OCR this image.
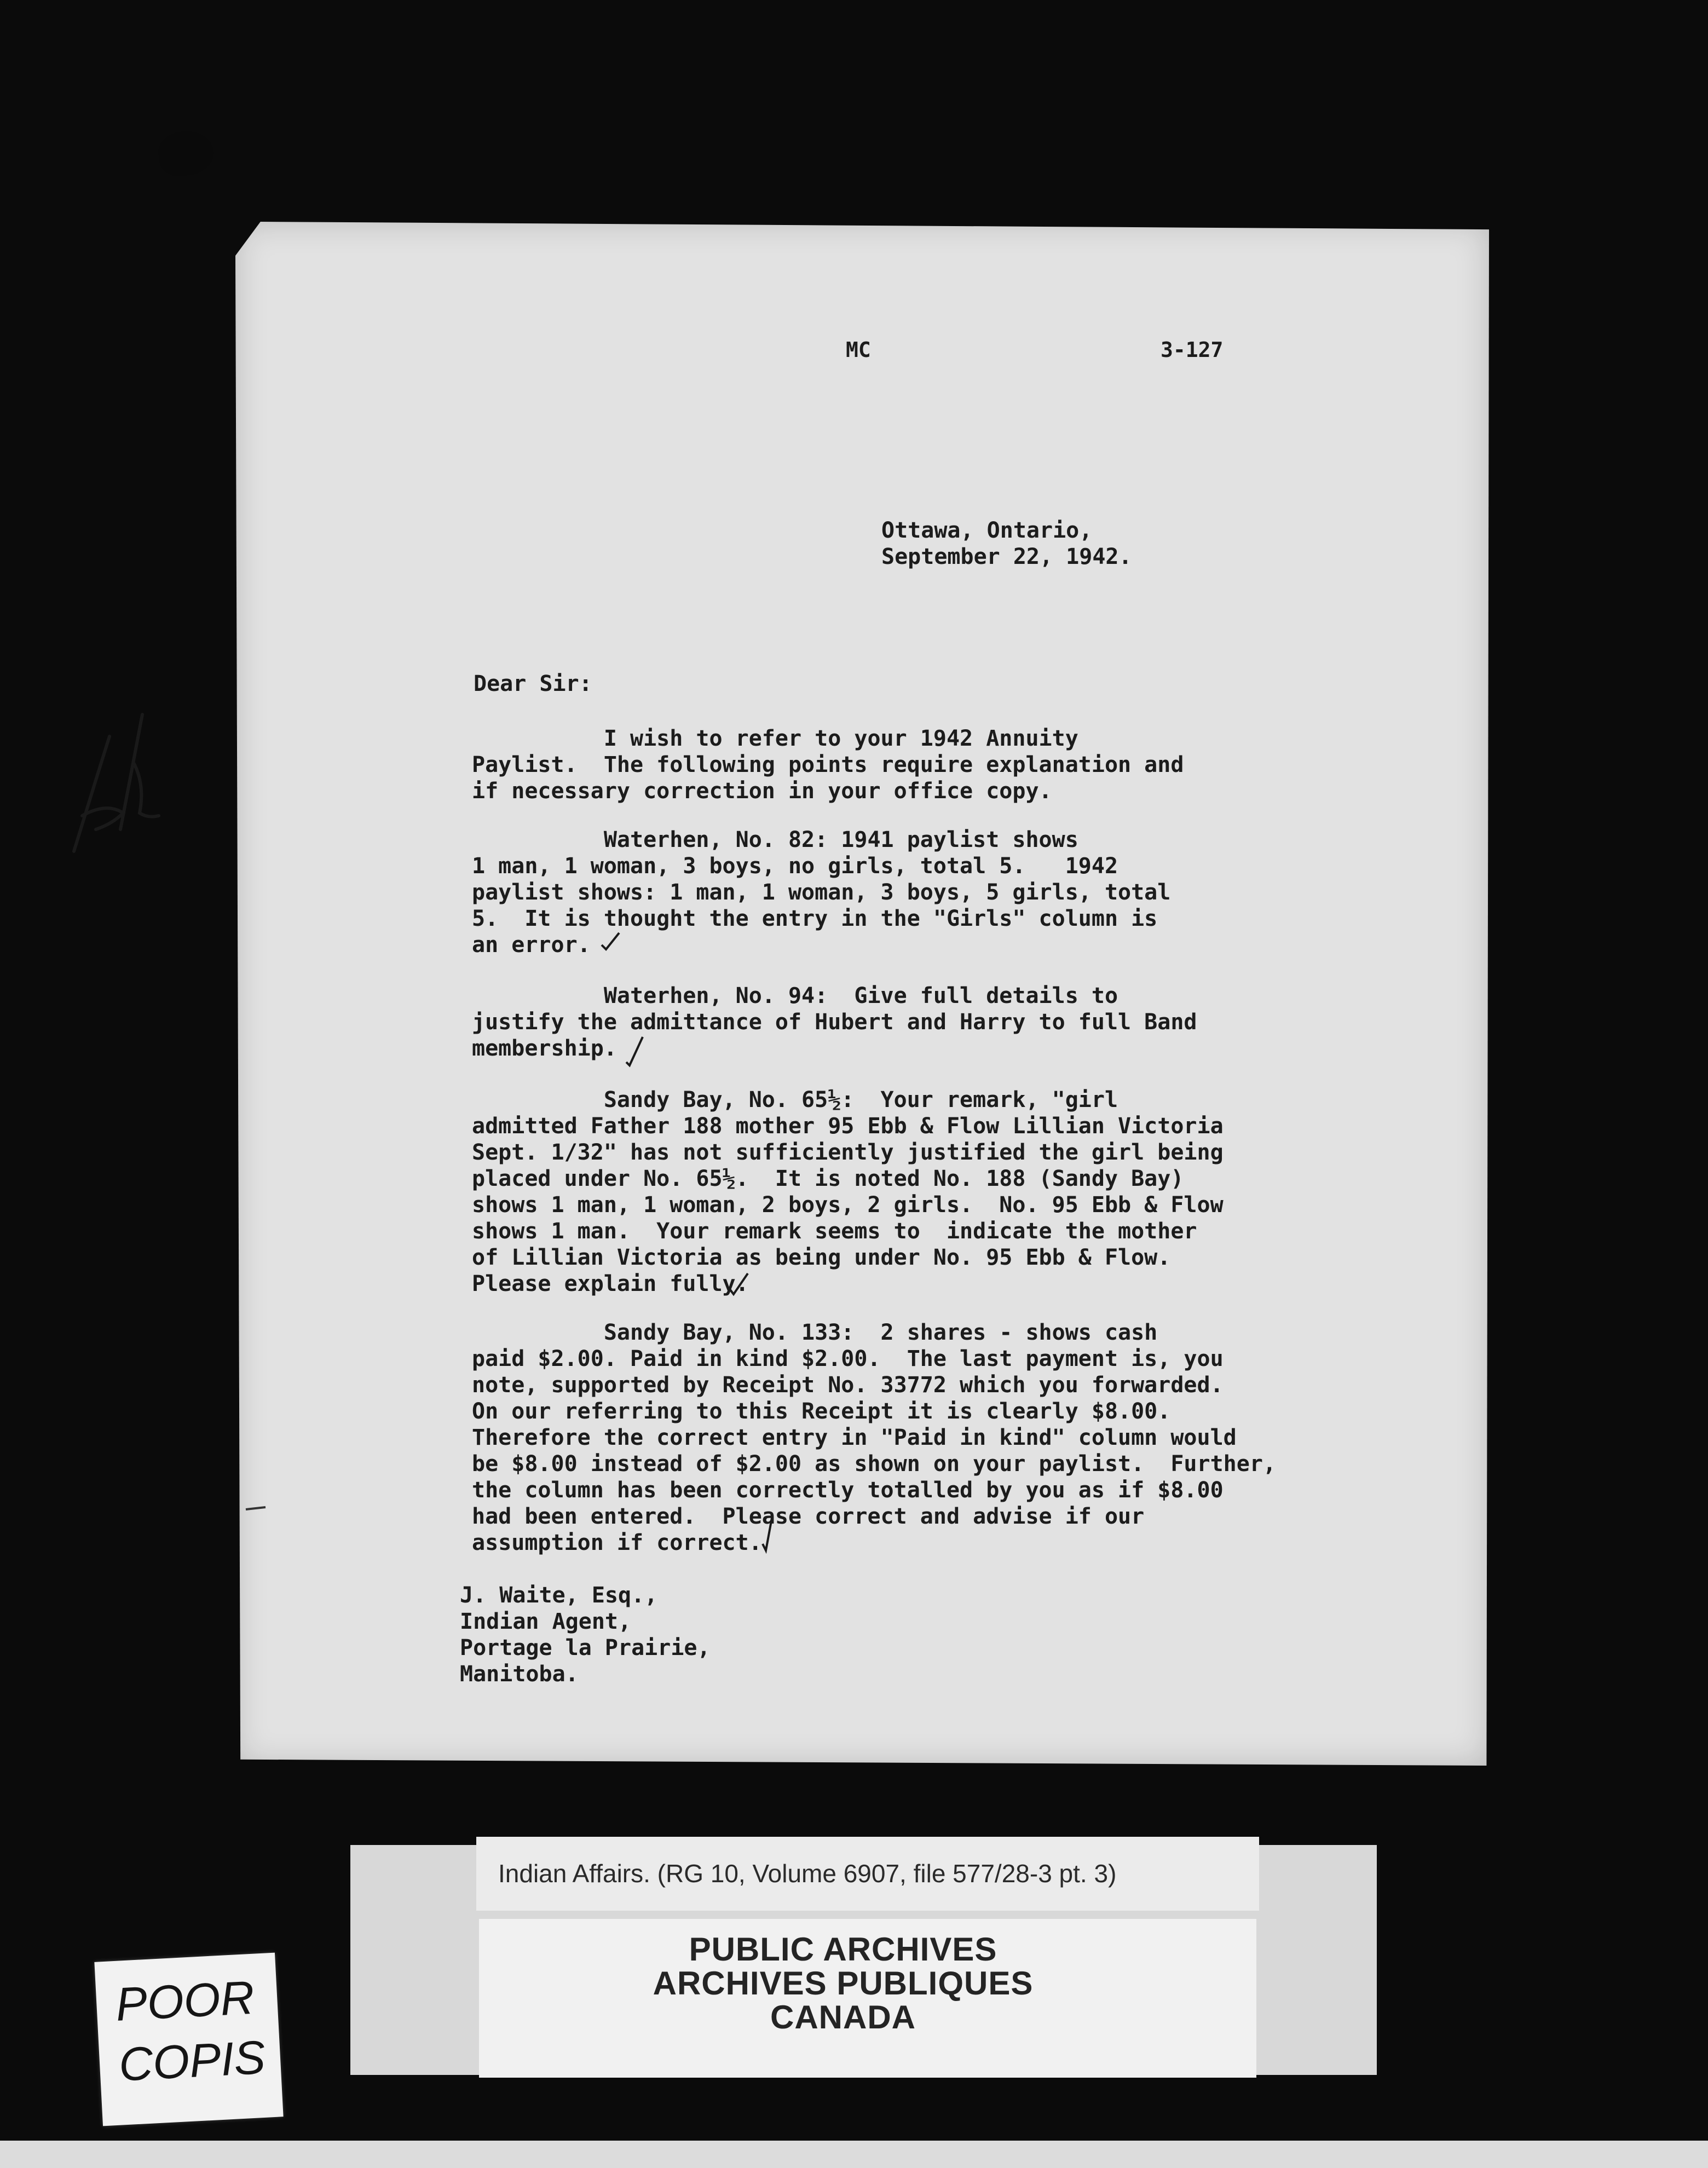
MC	3-127

Ottawa, Ontario,

September 22, 1942.

Dear Sir:

I wish to refer to your 1942 Annuity
Paylist.  The following points require explanation and
if necessary correction in your office copy.

Waterhen, No. 82: 1941 paylist shows
1 man, 1 woman, 3 boys, no girls, total 5.   1942
paylist shows: 1 man, 1 woman, 3 boys, 5 girls, total
5.  It is thought the entry in the "Girls" column is
an error.

Waterhen, No. 94:  Give full details to
justify the admittance of Hubert and Harry to full Band
membership.

Sandy Bay, No. 65½:  Your remark, "girl
admitted Father 188 mother 95 Ebb & Flow Lillian Victoria
Sept. 1/32" has not sufficiently justified the girl being
placed under No. 65½.  It is noted No. 188 (Sandy Bay)
shows 1 man, 1 woman, 2 boys, 2 girls.  No. 95 Ebb & Flow
shows 1 man.  Your remark seems to  indicate the mother
of Lillian Victoria as being under No. 95 Ebb & Flow.
Please explain fully.

Sandy Bay, No. 133:  2 shares - shows cash
paid $2.00. Paid in kind $2.00.  The last payment is, you
note, supported by Receipt No. 33772 which you forwarded.
On our referring to this Receipt it is clearly $8.00.
Therefore the correct entry in "Paid in kind" column would
be $8.00 instead of $2.00 as shown on your paylist.  Further,
the column has been correctly totalled by you as if $8.00
had been entered.  Please correct and advise if our
assumption if correct.

J. Waite, Esq.,

Indian Agent,

Portage la Prairie,

Manitoba.

Indian Affairs. (RG 10, Volume 6907, file 577/28-3 pt. 3)

PUBLIC ARCHIVES
ARCHIVES PUBLIQUES
CANADA

POOR

COPIS
